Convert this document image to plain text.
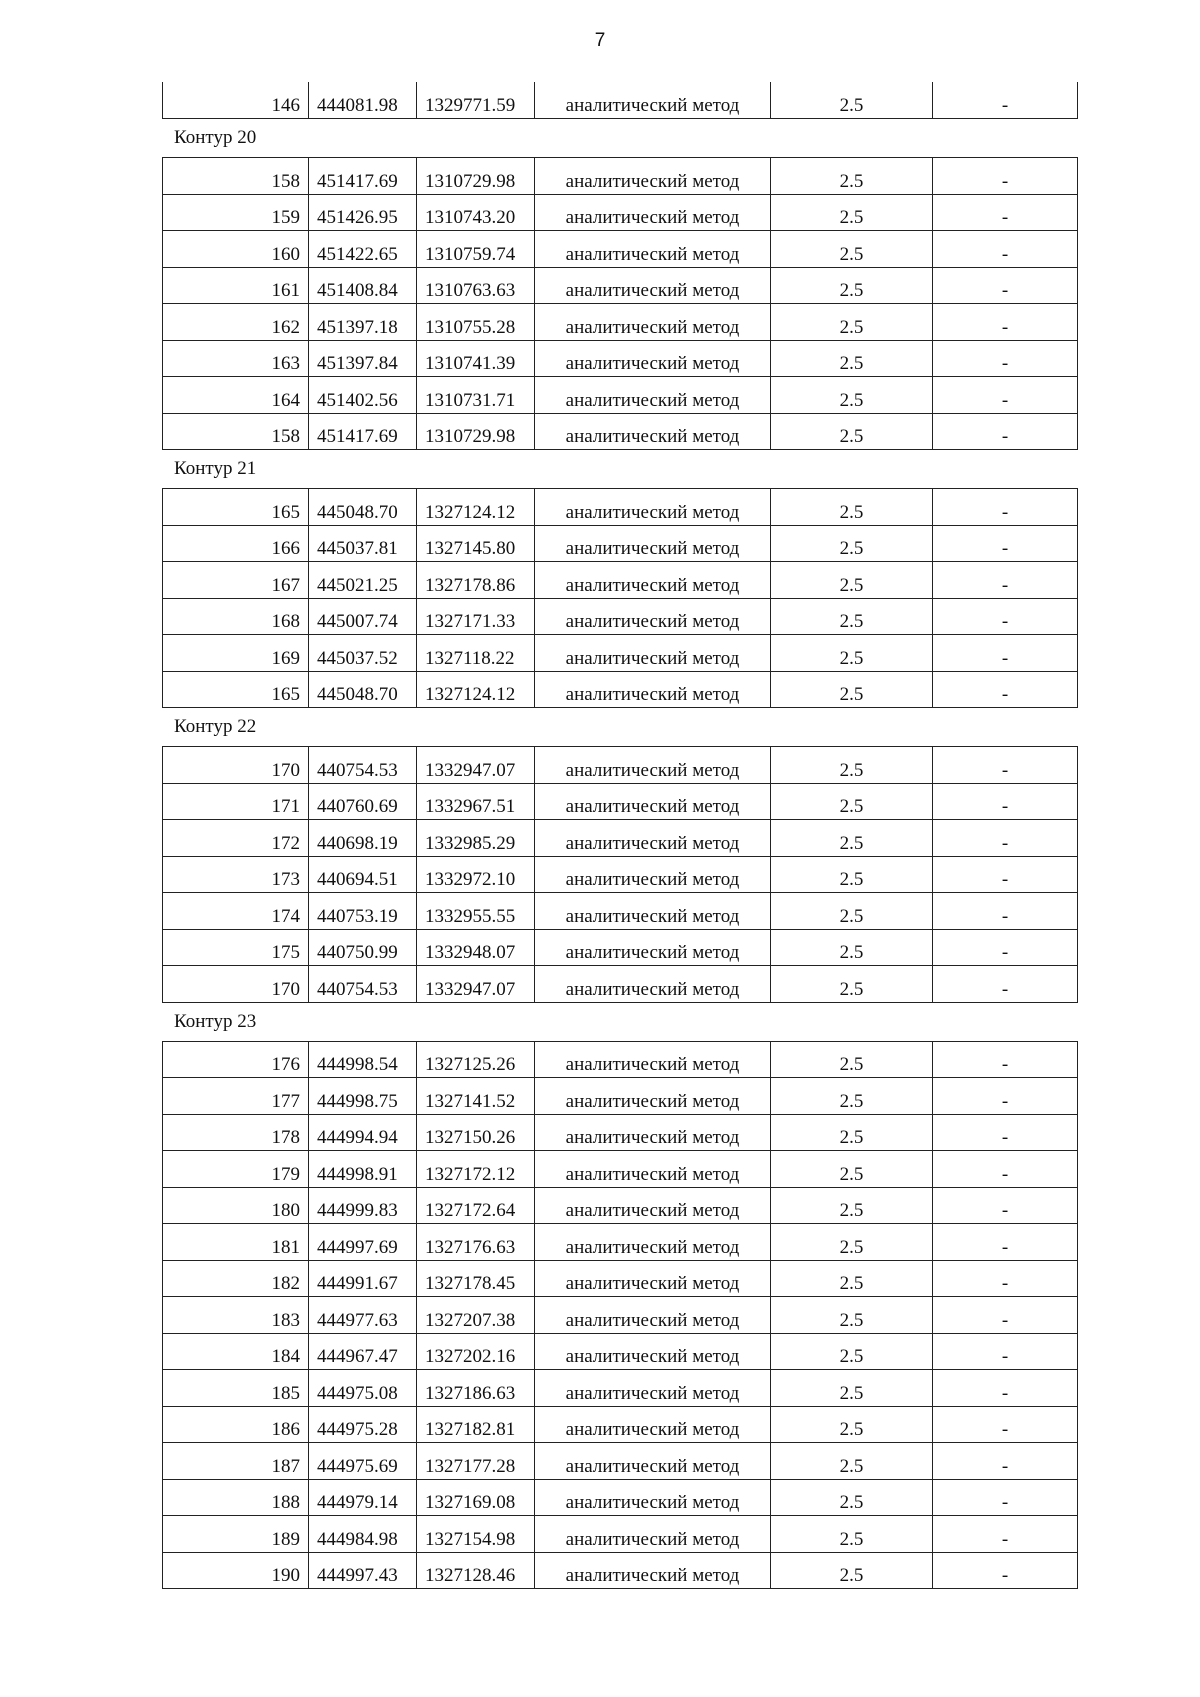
7
146	444081.98	1329771.59	аналитический метод	2.5	-
Контур 20
158	451417.69	1310729.98	аналитический метод	2.5	-
159	451426.95	1310743.20	аналитический метод	2.5	-
160	451422.65	1310759.74	аналитический метод	2.5	-
161	451408.84	1310763.63	аналитический метод	2.5	-
162	451397.18	1310755.28	аналитический метод	2.5	-
163	451397.84	1310741.39	аналитический метод	2.5	-
164	451402.56	1310731.71	аналитический метод	2.5	-
158	451417.69	1310729.98	аналитический метод	2.5	-
Контур 21
165	445048.70	1327124.12	аналитический метод	2.5	-
166	445037.81	1327145.80	аналитический метод	2.5	-
167	445021.25	1327178.86	аналитический метод	2.5	-
168	445007.74	1327171.33	аналитический метод	2.5	-
169	445037.52	1327118.22	аналитический метод	2.5	-
165	445048.70	1327124.12	аналитический метод	2.5	-
Контур 22
170	440754.53	1332947.07	аналитический метод	2.5	-
171	440760.69	1332967.51	аналитический метод	2.5	-
172	440698.19	1332985.29	аналитический метод	2.5	-
173	440694.51	1332972.10	аналитический метод	2.5	-
174	440753.19	1332955.55	аналитический метод	2.5	-
175	440750.99	1332948.07	аналитический метод	2.5	-
170	440754.53	1332947.07	аналитический метод	2.5	-
Контур 23
176	444998.54	1327125.26	аналитический метод	2.5	-
177	444998.75	1327141.52	аналитический метод	2.5	-
178	444994.94	1327150.26	аналитический метод	2.5	-
179	444998.91	1327172.12	аналитический метод	2.5	-
180	444999.83	1327172.64	аналитический метод	2.5	-
181	444997.69	1327176.63	аналитический метод	2.5	-
182	444991.67	1327178.45	аналитический метод	2.5	-
183	444977.63	1327207.38	аналитический метод	2.5	-
184	444967.47	1327202.16	аналитический метод	2.5	-
185	444975.08	1327186.63	аналитический метод	2.5	-
186	444975.28	1327182.81	аналитический метод	2.5	-
187	444975.69	1327177.28	аналитический метод	2.5	-
188	444979.14	1327169.08	аналитический метод	2.5	-
189	444984.98	1327154.98	аналитический метод	2.5	-
190	444997.43	1327128.46	аналитический метод	2.5	-
